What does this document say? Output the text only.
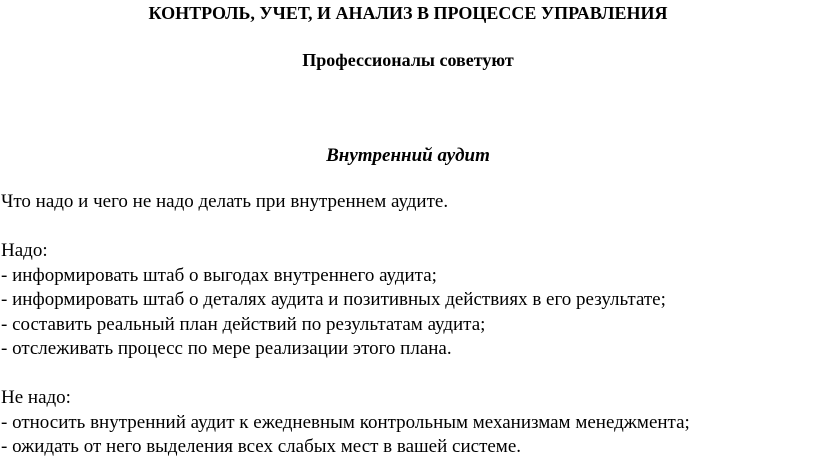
КОНТРОЛЬ, УЧЕТ, И АНАЛИЗ В ПРОЦЕССЕ УПРАВЛЕНИЯ
Профессионалы советуют
Внутренний аудит
Что надо и чего не надо делать при внутреннем аудите.
Надо:
- информировать штаб о выгодах внутреннего аудита;
- информировать штаб о деталях аудита и позитивных действиях в его результате;
- составить реальный план действий по результатам аудита;
- отслеживать процесс по мере реализации этого плана.
Не надо:
- относить внутренний аудит к ежедневным контрольным механизмам менеджмента;
- ожидать от него выделения всех слабых мест в вашей системе.
